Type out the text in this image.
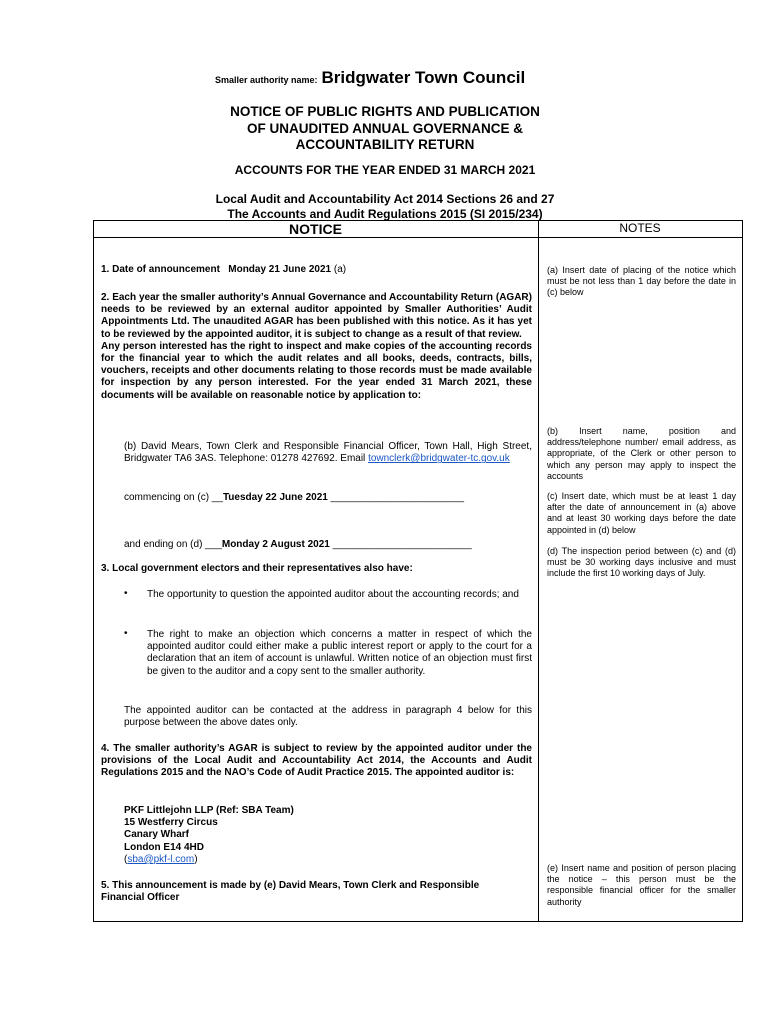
Smaller authority name: Bridgwater Town Council
NOTICE OF PUBLIC RIGHTS AND PUBLICATION
OF UNAUDITED ANNUAL GOVERNANCE &
ACCOUNTABILITY RETURN
ACCOUNTS FOR THE YEAR ENDED 31 MARCH 2021
Local Audit and Accountability Act 2014 Sections 26 and 27
The Accounts and Audit Regulations 2015 (SI 2015/234)
NOTICE	NOTES
1. Date of announcement Monday 21 June 2021 (a)
2. Each year the smaller authority’s Annual Governance and Accountability Return (AGAR) needs to be reviewed by an external auditor appointed by Smaller Authorities’ Audit Appointments Ltd. The unaudited AGAR has been published with this notice. As it has yet to be reviewed by the appointed auditor, it is subject to change as a result of that review.
Any person interested has the right to inspect and make copies of the accounting records for the financial year to which the audit relates and all books, deeds, contracts, bills, vouchers, receipts and other documents relating to those records must be made available for inspection by any person interested. For the year ended 31 March 2021, these documents will be available on reasonable notice by application to:
(b) David Mears, Town Clerk and Responsible Financial Officer, Town Hall, High Street, Bridgwater TA6 3AS. Telephone: 01278 427692. Email townclerk@bridgwater-tc.gov.uk
commencing on (c) __Tuesday 22 June 2021 ________________________
and ending on (d) ___Monday 2 August 2021 _________________________
3. Local government electors and their representatives also have:
• The opportunity to question the appointed auditor about the accounting records; and
• The right to make an objection which concerns a matter in respect of which the appointed auditor could either make a public interest report or apply to the court for a declaration that an item of account is unlawful. Written notice of an objection must first be given to the auditor and a copy sent to the smaller authority.
The appointed auditor can be contacted at the address in paragraph 4 below for this purpose between the above dates only.
4. The smaller authority’s AGAR is subject to review by the appointed auditor under the provisions of the Local Audit and Accountability Act 2014, the Accounts and Audit Regulations 2015 and the NAO’s Code of Audit Practice 2015. The appointed auditor is:
PKF Littlejohn LLP (Ref: SBA Team)
15 Westferry Circus
Canary Wharf
London E14 4HD
(sba@pkf-l.com)
5. This announcement is made by (e) David Mears, Town Clerk and Responsible Financial Officer
(a) Insert date of placing of the notice which must be not less than 1 day before the date in (c) below
(b) Insert name, position and address/telephone number/ email address, as appropriate, of the Clerk or other person to which any person may apply to inspect the accounts
(c) Insert date, which must be at least 1 day after the date of announcement in (a) above and at least 30 working days before the date appointed in (d) below
(d) The inspection period between (c) and (d) must be 30 working days inclusive and must include the first 10 working days of July.
(e) Insert name and position of person placing the notice – this person must be the responsible financial officer for the smaller authority
